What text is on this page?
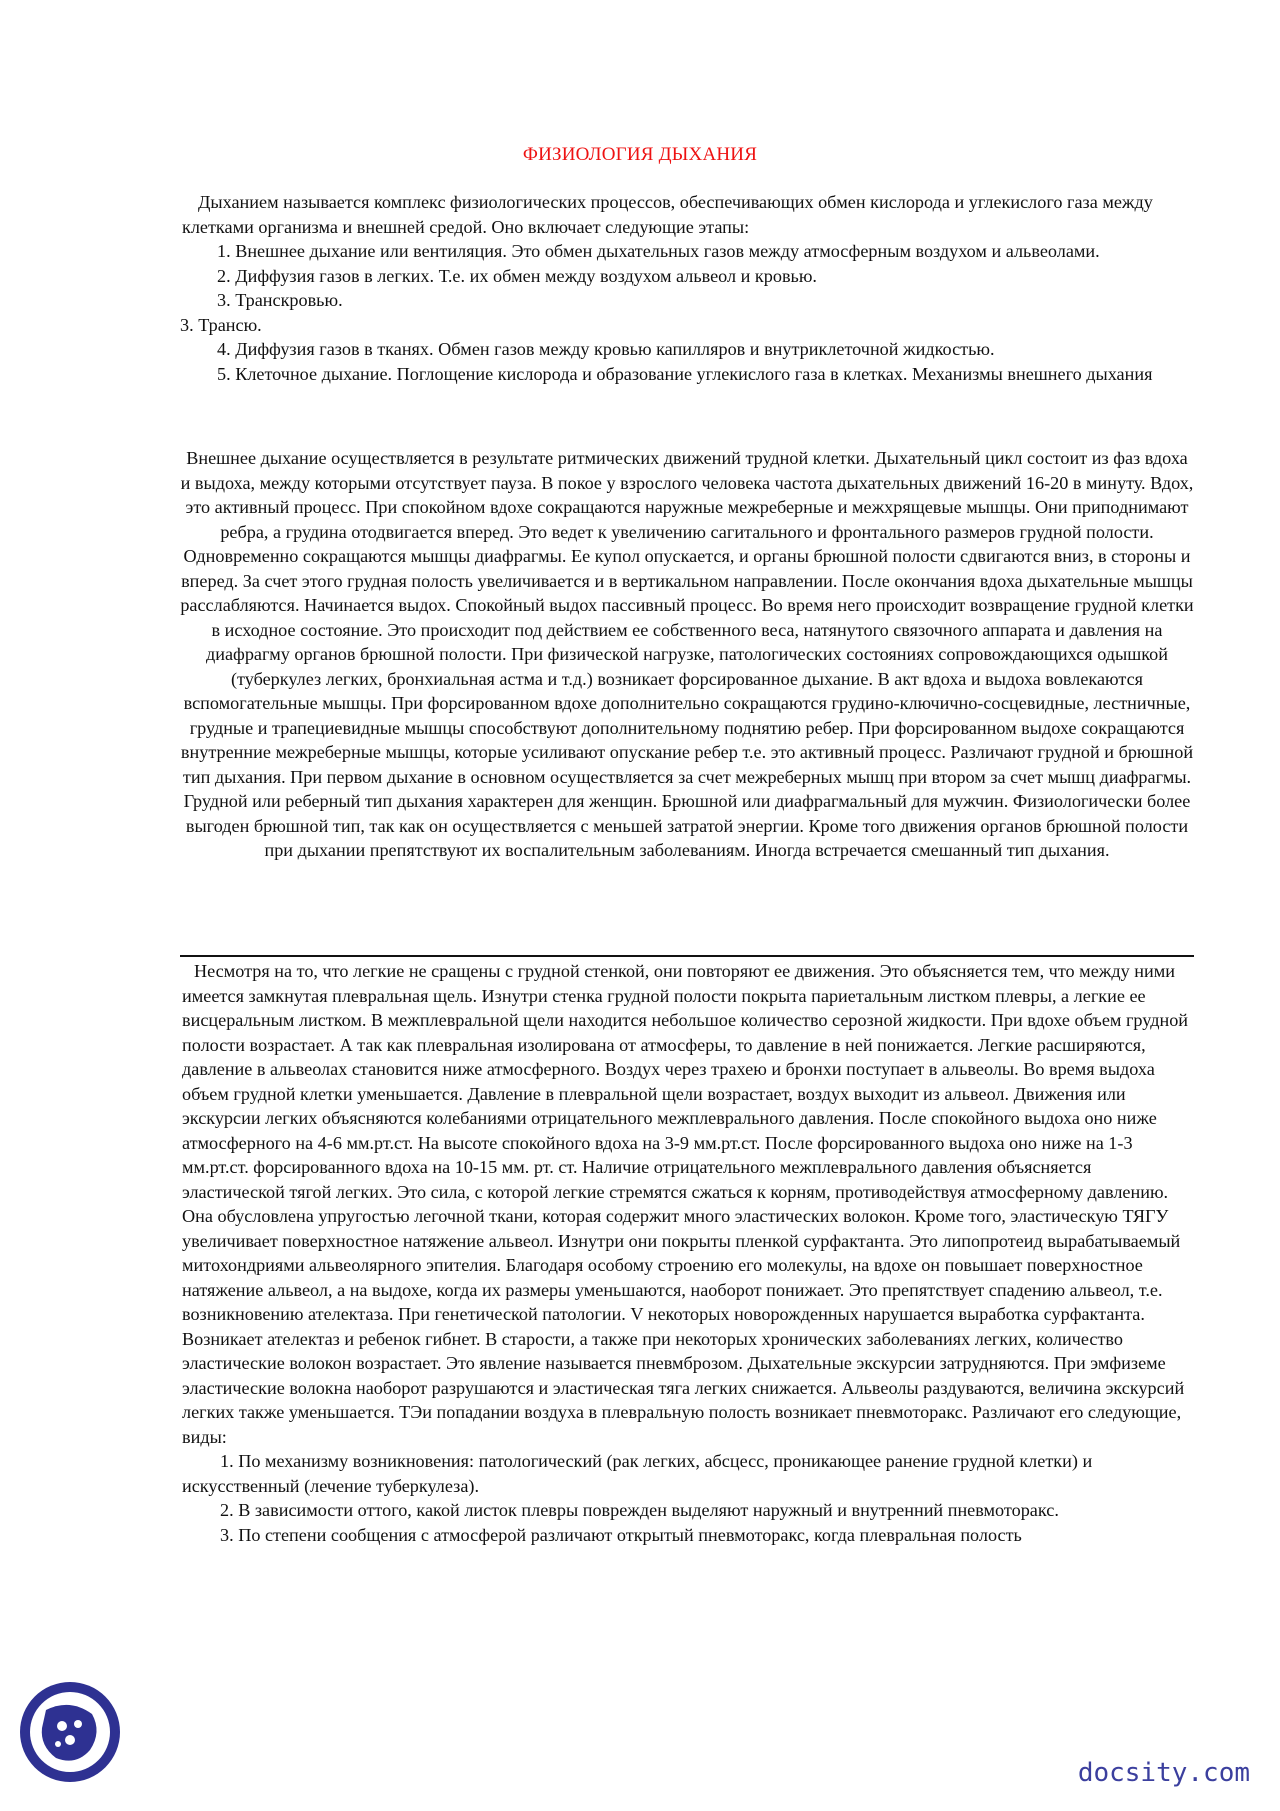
ФИЗИОЛОГИЯ ДЫХАНИЯ

Дыханием называется комплекс физиологических процессов, обеспечивающих обмен кислорода и углекислого газа между клетками организма и внешней средой. Оно включает следующие этапы:

1. Внешнее дыхание или вентиляция. Это обмен дыхательных газов между атмосферным воздухом и альвеолами.

2. Диффузия газов в легких. Т.е. их обмен между воздухом альвеол и кровью.

3. Транскровью.

3. Трансю.

4. Диффузия газов в тканях. Обмен газов между кровью капилляров и внутриклеточной жидкостью.

5. Клеточное дыхание. Поглощение кислорода и образование углекислого газа в клетках. Механизмы внешнего дыхания

Внешнее дыхание осуществляется в результате ритмических движений трудной клетки. Дыхательный цикл состоит из фаз вдоха и выдоха, между которыми отсутствует пауза. В покое у взрослого человека частота дыхательных движений 16-20 в минуту. Вдох, это активный процесс. При спокойном вдохе сокращаются наружные межреберные и межхрящевые мышцы. Они приподнимают ребра, а грудина отодвигается вперед. Это ведет к увеличению сагитального и фронтального размеров грудной полости. Одновременно сокращаются мышцы диафрагмы. Ее купол опускается, и органы брюшной полости сдвигаются вниз, в стороны и вперед. За счет этого грудная полость увеличивается и в вертикальном направлении. После окончания вдоха дыхательные мышцы расслабляются. Начинается выдох. Спокойный выдох пассивный процесс. Во время него происходит возвращение грудной клетки в исходное состояние. Это происходит под действием ее собственного веса, натянутого связочного аппарата и давления на диафрагму органов брюшной полости. При физической нагрузке, патологических состояниях сопровождающихся одышкой (туберкулез легких, бронхиальная астма и т.д.) возникает форсированное дыхание. В акт вдоха и выдоха вовлекаются вспомогательные мышцы. При форсированном вдохе дополнительно сокращаются грудино-ключично-сосцевидные, лестничные, грудные и трапециевидные мышцы способствуют дополнительному поднятию ребер. При форсированном выдохе сокращаются внутренние межреберные мышцы, которые усиливают опускание ребер т.е. это активный процесс. Различают грудной и брюшной тип дыхания. При первом дыхание в основном осуществляется за счет межреберных мышц при втором за счет мышц диафрагмы. Грудной или реберный тип дыхания характерен для женщин. Брюшной или диафрагмальный для мужчин. Физиологически более выгоден брюшной тип, так как он осуществляется с меньшей затратой энергии. Кроме того движения органов брюшной полости при дыхании препятствуют их воспалительным заболеваниям. Иногда встречается смешанный тип дыхания.

Несмотря на то, что легкие не сращены с грудной стенкой, они повторяют ее движения. Это объясняется тем, что между ними имеется замкнутая плевральная щель. Изнутри стенка грудной полости покрыта париетальным листком плевры, а легкие ее висцеральным листком. В межплевральной щели находится небольшое количество серозной жидкости. При вдохе объем грудной полости возрастает. А так как плевральная изолирована от атмосферы, то давление в ней понижается. Легкие расширяются, давление в альвеолах становится ниже атмосферного. Воздух через трахею и бронхи поступает в альвеолы. Во время выдоха объем грудной клетки уменьшается. Давление в плевральной щели возрастает, воздух выходит из альвеол. Движения или экскурсии легких объясняются колебаниями отрицательного межплеврального давления. После спокойного выдоха оно ниже атмосферного на 4-6 мм.рт.ст. На высоте спокойного вдоха на 3-9 мм.рт.ст. После форсированного выдоха оно ниже на 1-3 мм.рт.ст. форсированного вдоха на 10-15 мм. рт. ст. Наличие отрицательного межплеврального давления объясняется эластической тягой легких. Это сила, с которой легкие стремятся сжаться к корням, противодействуя атмосферному давлению. Она обусловлена упругостью легочной ткани, которая содержит много эластических волокон. Кроме того, эластическую ТЯГУ увеличивает поверхностное натяжение альвеол. Изнутри они покрыты пленкой сурфактанта. Это липопротеид вырабатываемый митохондриями альвеолярного эпителия. Благодаря особому строению его молекулы, на вдохе он повышает поверхностное натяжение альвеол, а на выдохе, когда их размеры уменьшаются, наоборот понижает. Это препятствует спадению альвеол, т.е. возникновению ателектаза. При генетической патологии. V некоторых новорожденных нарушается выработка сурфактанта. Возникает ателектаз и ребенок гибнет. В старости, а также при некоторых хронических заболеваниях легких, количество эластические волокон возрастает. Это явление называется пневмброзом. Дыхательные экскурсии затрудняются. При эмфиземе эластические волокна наоборот разрушаются и эластическая тяга легких снижается. Альвеолы раздуваются, величина экскурсий легких также уменьшается. ТЭи попадании воздуха в плевральную полость возникает пневмоторакс. Различают его следующие, виды:

1. По механизму возникновения: патологический (рак легких, абсцесс, проникающее ранение грудной клетки) и искусственный (лечение туберкулеза).

2. В зависимости оттого, какой листок плевры поврежден выделяют наружный и внутренний пневмоторакс.

3. По степени сообщения с атмосферой различают открытый пневмоторакс, когда плевральная полость

docsity.com
